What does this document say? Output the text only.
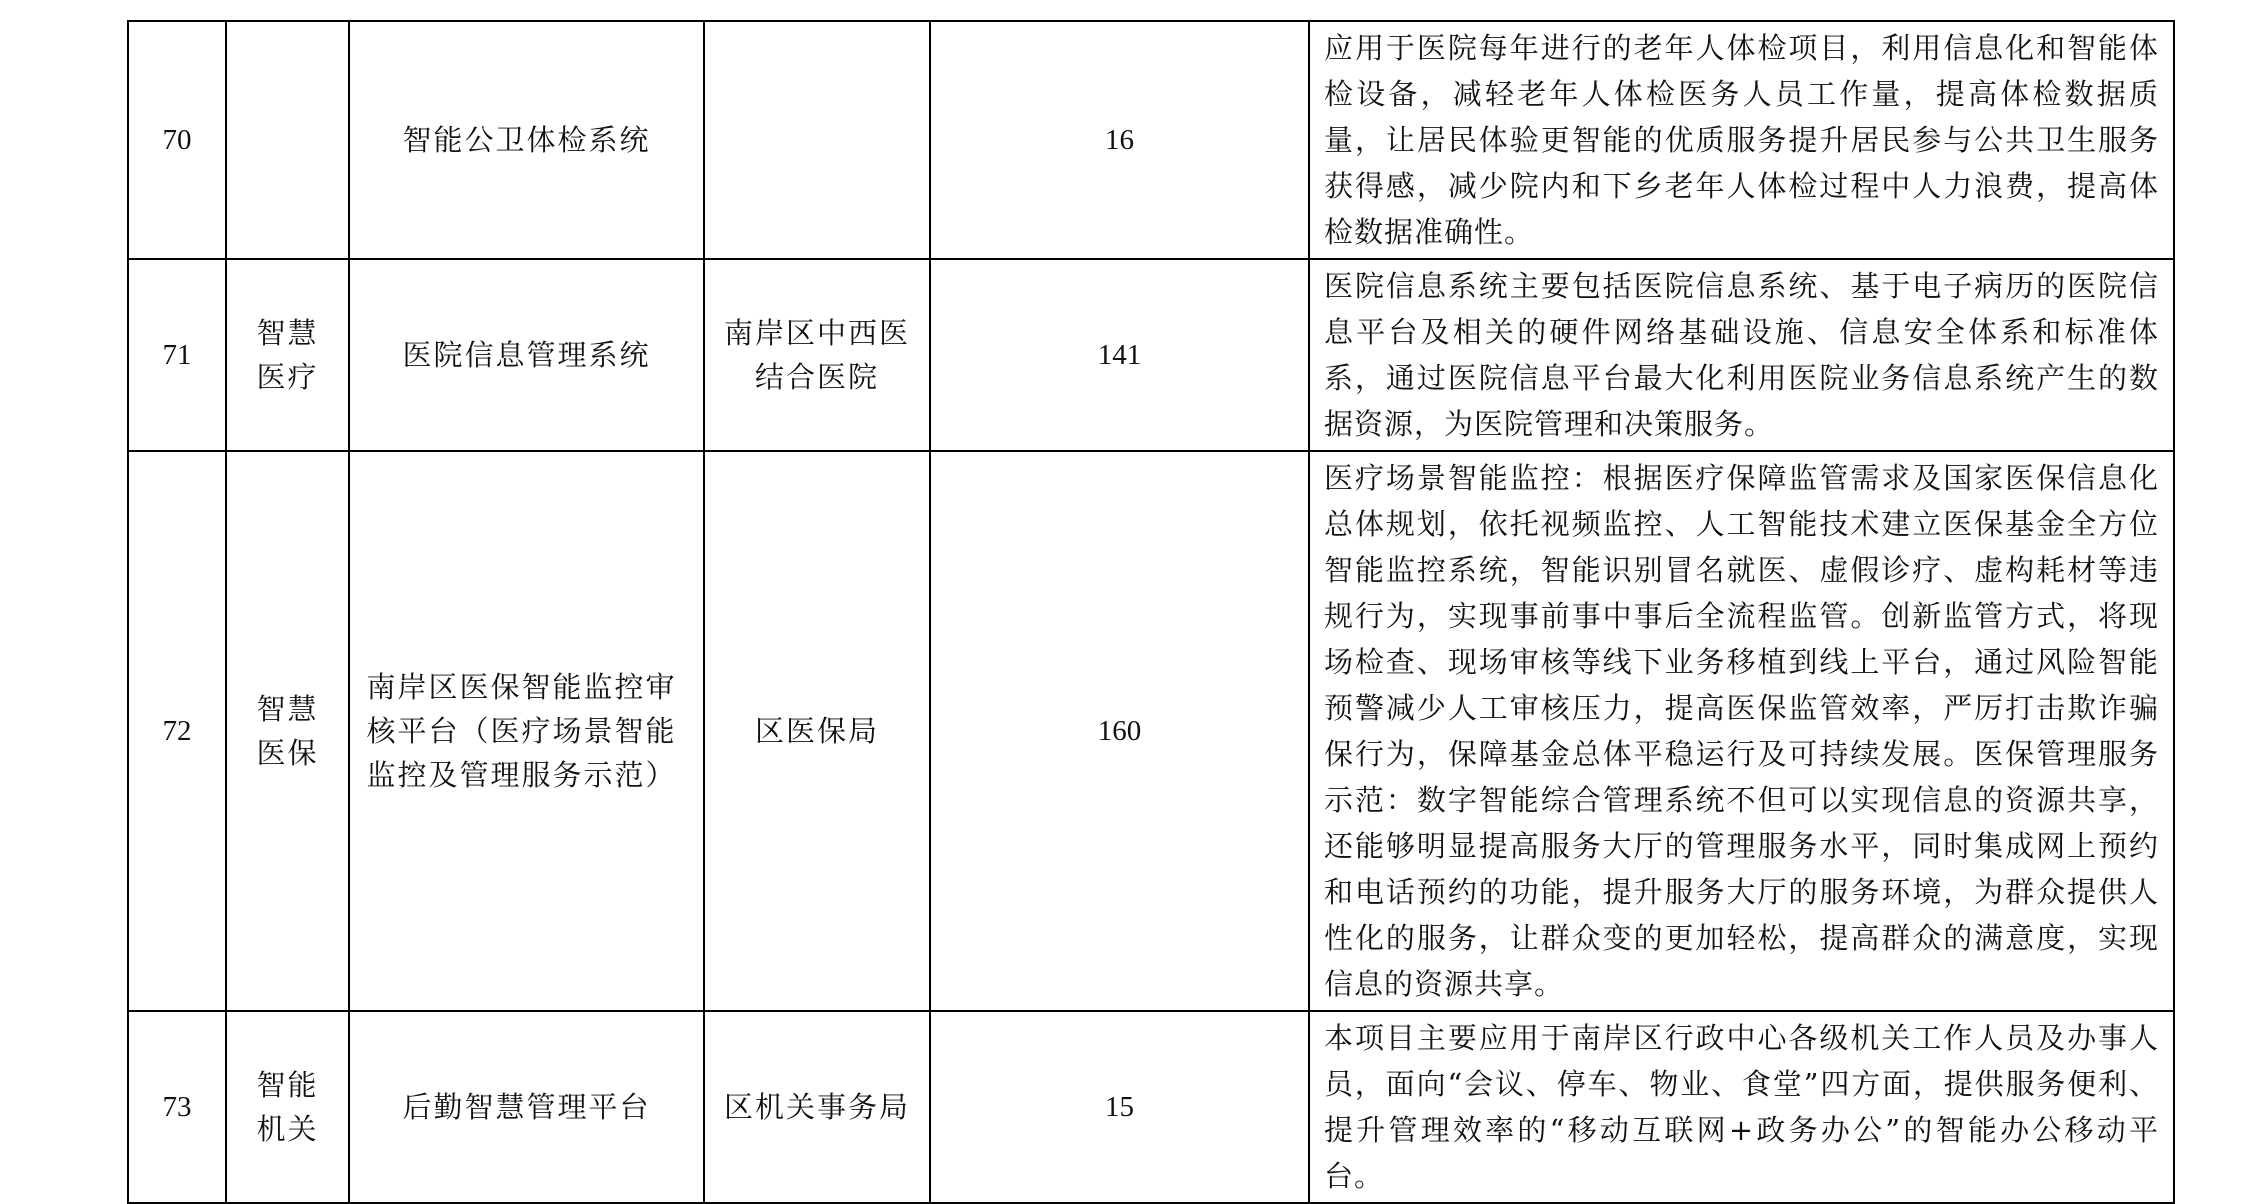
70		智能公卫体检系统		16	应用于医院每年进行的老年人体检项目，利用信息化和智能体检设备，减轻老年人体检医务人员工作量，提高体检数据质量，让居民体验更智能的优质服务提升居民参与公共卫生服务获得感，减少院内和下乡老年人体检过程中人力浪费，提高体检数据准确性。
71	智慧医疗	医院信息管理系统	南岸区中西医结合医院	141	医院信息系统主要包括医院信息系统、基于电子病历的医院信息平台及相关的硬件网络基础设施、信息安全体系和标准体系，通过医院信息平台最大化利用医院业务信息系统产生的数据资源，为医院管理和决策服务。
72	智慧医保	南岸区医保智能监控审核平台（医疗场景智能监控及管理服务示范）	区医保局	160	医疗场景智能监控：根据医疗保障监管需求及国家医保信息化总体规划，依托视频监控、人工智能技术建立医保基金全方位智能监控系统，智能识别冒名就医、虚假诊疗、虚构耗材等违规行为，实现事前事中事后全流程监管。创新监管方式，将现场检查、现场审核等线下业务移植到线上平台，通过风险智能预警减少人工审核压力，提高医保监管效率，严厉打击欺诈骗保行为，保障基金总体平稳运行及可持续发展。医保管理服务示范：数字智能综合管理系统不但可以实现信息的资源共享，还能够明显提高服务大厅的管理服务水平，同时集成网上预约和电话预约的功能，提升服务大厅的服务环境，为群众提供人性化的服务，让群众变的更加轻松，提高群众的满意度，实现信息的资源共享。
73	智能机关	后勤智慧管理平台	区机关事务局	15	本项目主要应用于南岸区行政中心各级机关工作人员及办事人员，面向“会议、停车、物业、食堂”四方面，提供服务便利、提升管理效率的“移动互联网+政务办公”的智能办公移动平台。
